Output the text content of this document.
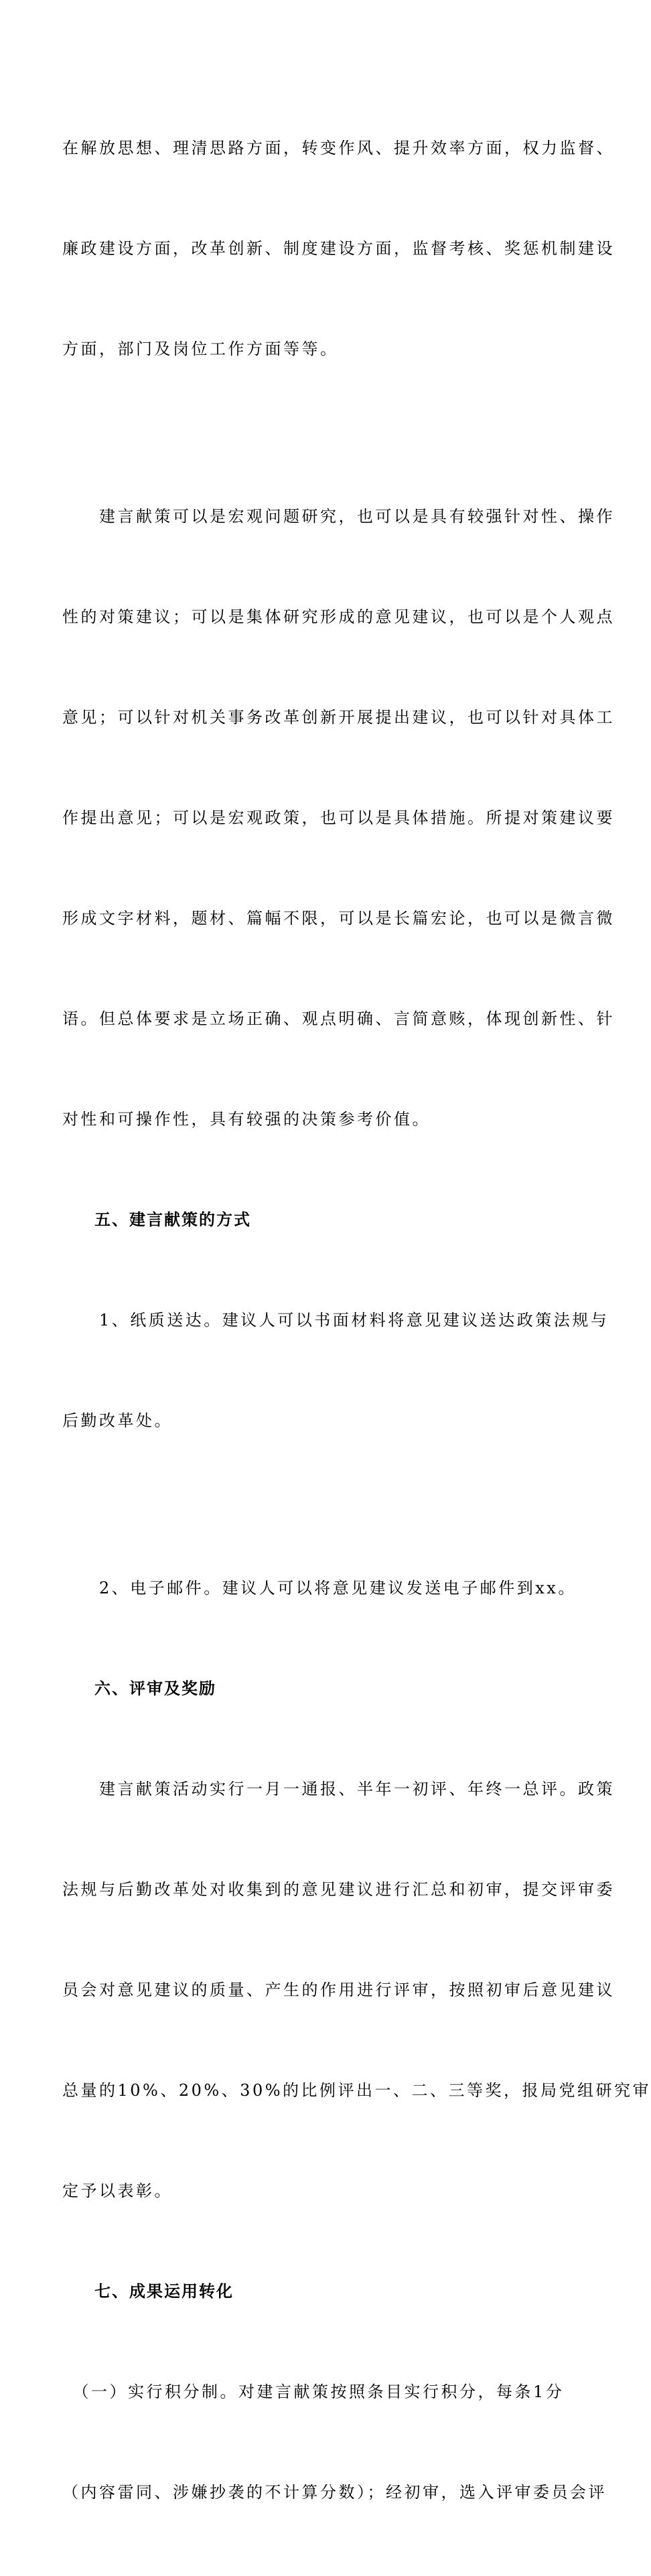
在解放思想、理清思路方面，转变作风、提升效率方面，权力监督、

廉政建设方面，改革创新、制度建设方面，监督考核、奖惩机制建设

方面，部门及岗位工作方面等等。

　　建言献策可以是宏观问题研究，也可以是具有较强针对性、操作

性的对策建议；可以是集体研究形成的意见建议，也可以是个人观点

意见；可以针对机关事务改革创新开展提出建议，也可以针对具体工

作提出意见；可以是宏观政策，也可以是具体措施。所提对策建议要

形成文字材料，题材、篇幅不限，可以是长篇宏论，也可以是微言微

语。但总体要求是立场正确、观点明确、言简意赅，体现创新性、针

对性和可操作性，具有较强的决策参考价值。

五、建言献策的方式

　　1、纸质送达。建议人可以书面材料将意见建议送达政策法规与

后勤改革处。

　　2、电子邮件。建议人可以将意见建议发送电子邮件到xx。

六、评审及奖励

　　建言献策活动实行一月一通报、半年一初评、年终一总评。政策

法规与后勤改革处对收集到的意见建议进行汇总和初审，提交评审委

员会对意见建议的质量、产生的作用进行评审，按照初审后意见建议

总量的10%、20%、30%的比例评出一、二、三等奖，报局党组研究审

定予以表彰。

七、成果运用转化

　（一）实行积分制。对建言献策按照条目实行积分，每条1分

（内容雷同、涉嫌抄袭的不计算分数）；经初审，选入评审委员会评
